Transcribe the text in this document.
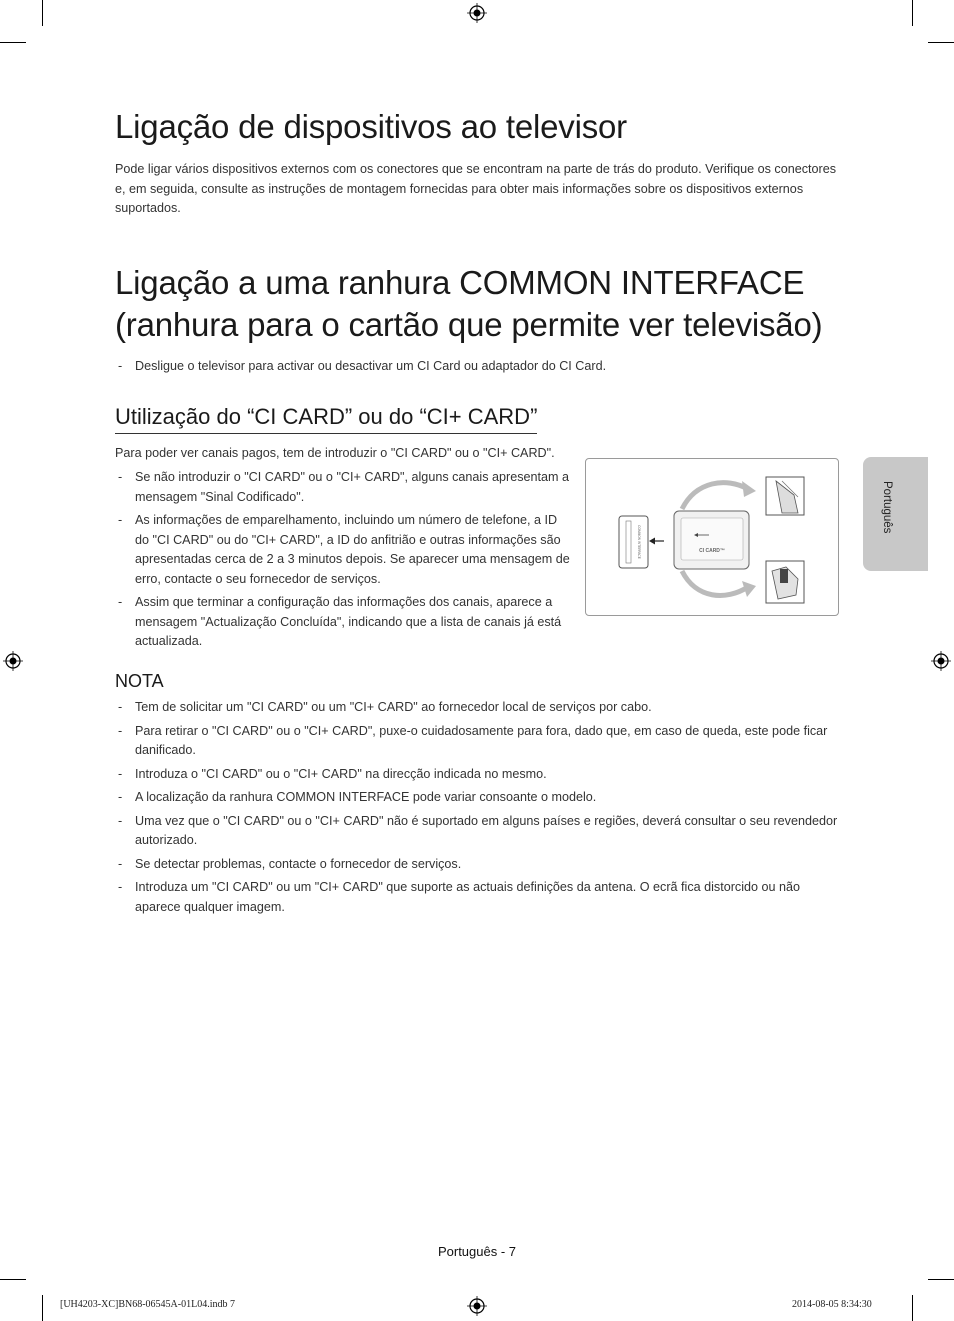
Ligação de dispositivos ao televisor

Pode ligar vários dispositivos externos com os conectores que se encontram na parte de trás do produto. Verifique os conectores e, em seguida, consulte as instruções de montagem fornecidas para obter mais informações sobre os dispositivos externos suportados.

Ligação a uma ranhura COMMON INTERFACE
(ranhura para o cartão que permite ver televisão)
- Desligue o televisor para activar ou desactivar um CI Card ou adaptador do CI Card.
Utilização do “CI CARD” ou do “CI+ CARD”

Para poder ver canais pagos, tem de introduzir o "CI CARD" ou o "CI+ CARD".

- Se não introduzir o "CI CARD" ou o "CI+ CARD", alguns canais apresentam a mensagem "Sinal Codificado".
- As informações de emparelhamento, incluindo um número de telefone, a ID do "CI CARD" ou do "CI+ CARD", a ID do anfitrião e outras informações são apresentadas cerca de 2 a 3 minutos depois. Se aparecer uma mensagem de erro, contacte o seu fornecedor de serviços.
- Assim que terminar a configuração das informações dos canais, aparece a mensagem "Actualização Concluída", indicando que a lista de canais já está actualizada.
COMMON INTERFACE	CI CARD™
NOTA
- Tem de solicitar um "CI CARD" ou um "CI+ CARD" ao fornecedor local de serviços por cabo.
- Para retirar o "CI CARD" ou o "CI+ CARD", puxe-o cuidadosamente para fora, dado que, em caso de queda, este pode ficar danificado.
- Introduza o "CI CARD" ou o "CI+ CARD" na direcção indicada no mesmo.
- A localização da ranhura COMMON INTERFACE pode variar consoante o modelo.
- Uma vez que o "CI CARD" ou o "CI+ CARD" não é suportado em alguns países e regiões, deverá consultar o seu revendedor autorizado.
- Se detectar problemas, contacte o fornecedor de serviços.
- Introduza um "CI CARD" ou um "CI+ CARD" que suporte as actuais definições da antena. O ecrã fica distorcido ou não aparece qualquer imagem.
Português
Português - 7
[UH4203-XC]BN68-06545A-01L04.indb 7	2014-08-05 8:34:30
